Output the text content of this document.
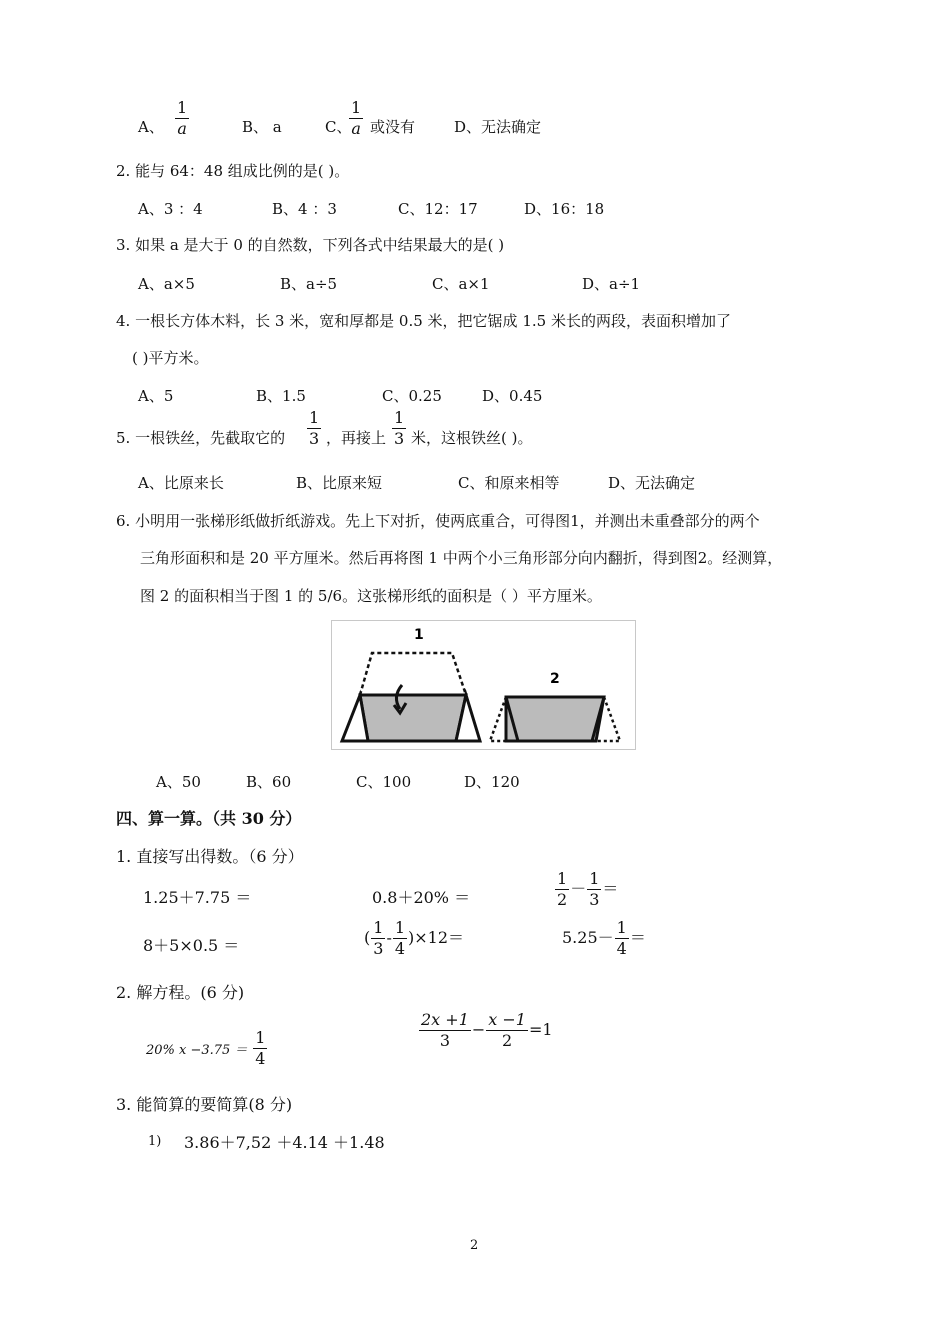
A、 $\frac{1}{a}$	B、 a	C、
$\frac{1}{a}$ 或没有	D、无法确定
2. 能与 64：48 组成比例的是( )。
A、3 ：4	B、4 ：3	C、12：17	D、16：18
3. 如果 a 是大于 0 的自然数，下列各式中结果最大的是( )
A、a×5	B、a÷5	C、a×1	D、a÷1
4. 一根长方体木料，长 3 米，宽和厚都是 0.5 米，把它锯成 1.5 米长的两段，表面积增加了
( )平方米。
A、5	B、1.5	C、0.25	D、0.45
5. 一根铁丝，先截取它的 $\frac{1}{3}$ ，再接上 $\frac{1}{3}$ 米，这根铁丝( )。
A、比原来长	B、比原来短	C、和原来相等	D、无法确定
6. 小明用一张梯形纸做折纸游戏。先上下对折，使两底重合，可得图1，并测出未重叠部分的两个
三角形面积和是 20 平方厘米。然后再将图 1 中两个小三角形部分向内翻折，得到图2。经测算，
图 2 的面积相当于图 1 的 5/6。这张梯形纸的面积是（ ）平方厘米。
1
2
A、50	B、60	C、100	D、120
四、算一算。（共 30 分）
1. 直接写出得数。（6 分）
1.25＋7.75 ＝	0.8＋20% ＝	$\frac{1}{2} - \frac{1}{3}$ ＝
8＋5×0.5 ＝	( $\frac{1}{3} - \frac{1}{4} )\times 12=$	$5.25- \frac{1}{4}$ ＝
2. 解方程。(6 分)
20% $x -3.75 = \frac{1}{4}$	$\frac{2x +1}{3} - \frac{x -1}{2} =1$
3. 能简算的要简算(8 分)
1) 3.86＋7,52 ＋4.14 ＋1.48
2
